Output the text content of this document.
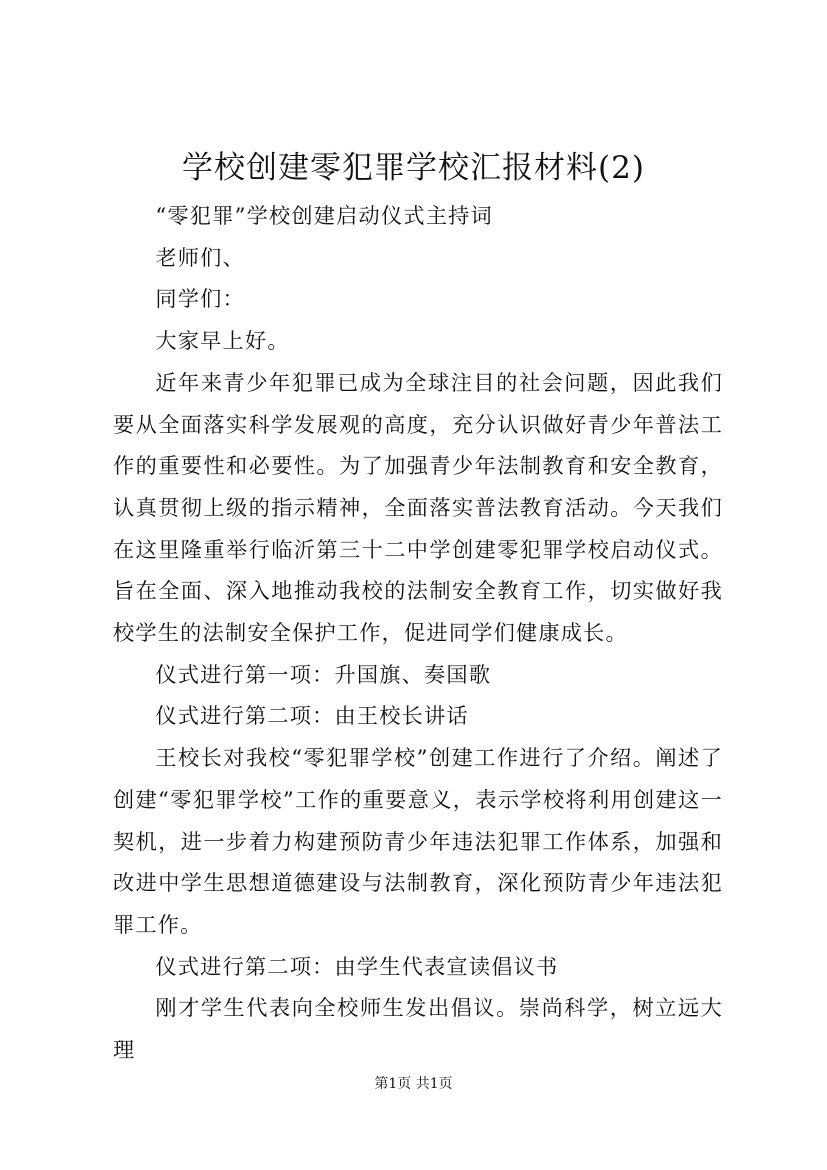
学校创建零犯罪学校汇报材料(2)

“零犯罪”学校创建启动仪式主持词

老师们、

同学们：

大家早上好。

近年来青少年犯罪已成为全球注目的社会问题，因此我们要从全面落实科学发展观的高度，充分认识做好青少年普法工作的重要性和必要性。为了加强青少年法制教育和安全教育，认真贯彻上级的指示精神，全面落实普法教育活动。今天我们在这里隆重举行临沂第三十二中学创建零犯罪学校启动仪式。旨在全面、深入地推动我校的法制安全教育工作，切实做好我校学生的法制安全保护工作，促进同学们健康成长。

仪式进行第一项：升国旗、奏国歌

仪式进行第二项：由王校长讲话

王校长对我校“零犯罪学校”创建工作进行了介绍。阐述了创建“零犯罪学校”工作的重要意义，表示学校将利用创建这一契机，进一步着力构建预防青少年违法犯罪工作体系，加强和改进中学生思想道德建设与法制教育，深化预防青少年违法犯罪工作。

仪式进行第二项：由学生代表宣读倡议书

刚才学生代表向全校师生发出倡议。崇尚科学，树立远大理

第1页 共1页
